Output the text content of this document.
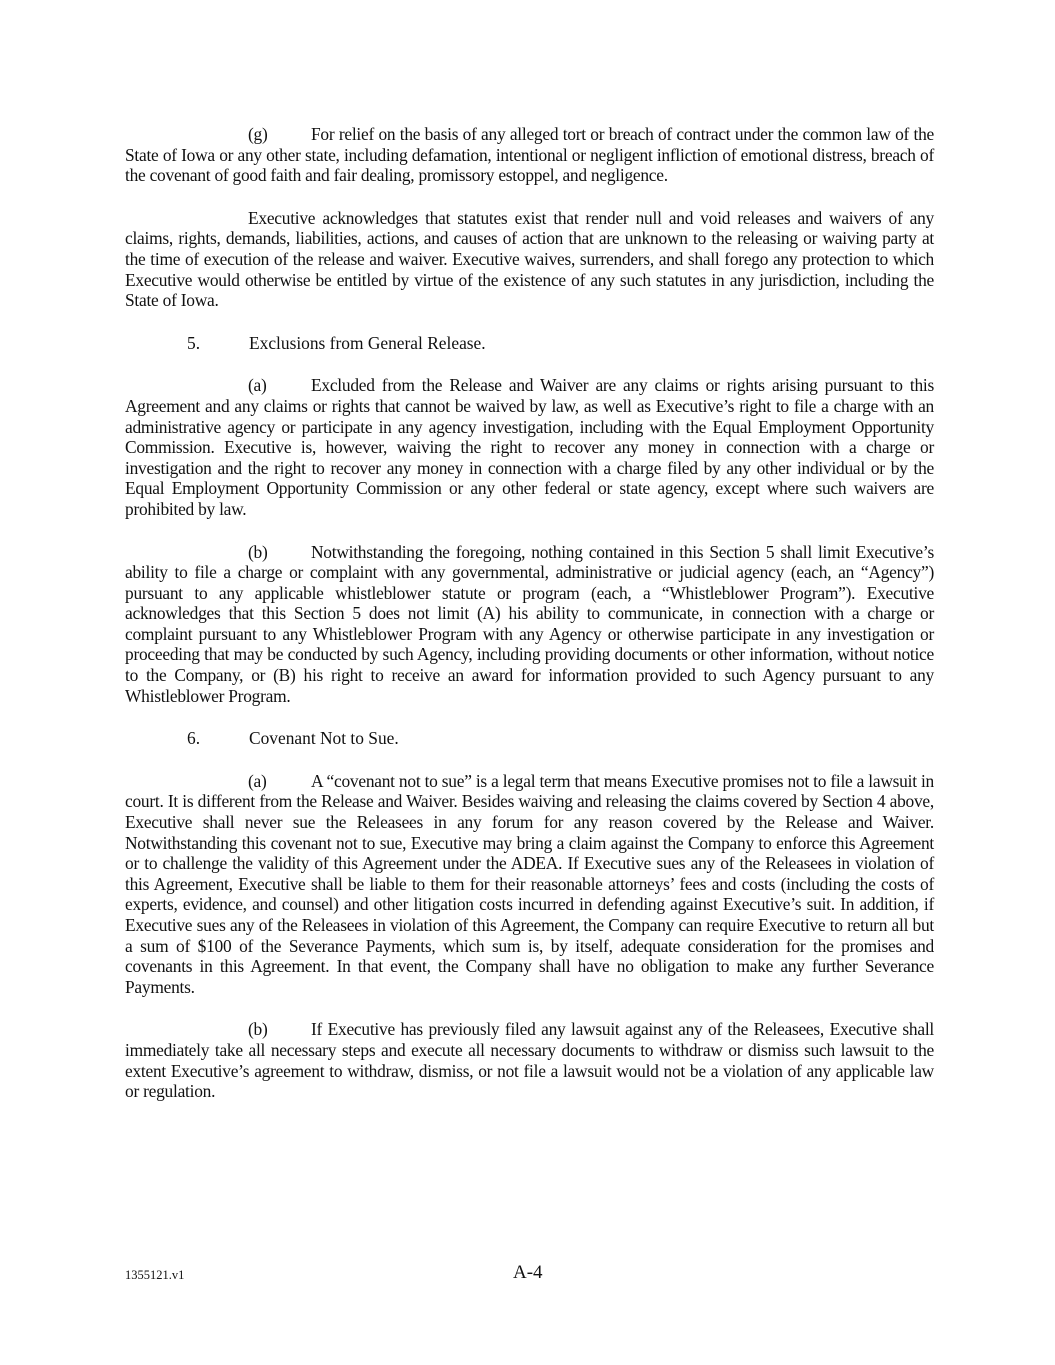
(g) For relief on the basis of any alleged tort or breach of contract under the common law of the State of Iowa or any other state, including defamation, intentional or negligent infliction of emotional distress, breach of the covenant of good faith and fair dealing, promissory estoppel, and negligence.

Executive acknowledges that statutes exist that render null and void releases and waivers of any claims, rights, demands, liabilities, actions, and causes of action that are unknown to the releasing or waiving party at the time of execution of the release and waiver. Executive waives, surrenders, and shall forego any protection to which Executive would otherwise be entitled by virtue of the existence of any such statutes in any jurisdiction, including the State of Iowa.

5.	Exclusions from General Release.

(a)	Excluded from the Release and Waiver are any claims or rights arising pursuant to this Agreement and any claims or rights that cannot be waived by law, as well as Executive’s right to file a charge with an administrative agency or participate in any agency investigation, including with the Equal Employment Opportunity Commission. Executive is, however, waiving the right to recover any money in connection with a charge or investigation and the right to recover any money in connection with a charge filed by any other individual or by the Equal Employment Opportunity Commission or any other federal or state agency, except where such waivers are prohibited by law.

(b) Notwithstanding the foregoing, nothing contained in this Section 5 shall limit Executive’s ability to file a charge or complaint with any governmental, administrative or judicial agency (each, an “Agency”) pursuant to any applicable whistleblower statute or program (each, a “Whistleblower Program”). Executive acknowledges that this Section 5 does not limit (A) his ability to communicate, in connection with a charge or complaint pursuant to any Whistleblower Program with any Agency or otherwise participate in any investigation or proceeding that may be conducted by such Agency, including providing documents or other information, without notice to the Company, or (B) his right to receive an award for information provided to such Agency pursuant to any Whistleblower Program.

6.	Covenant Not to Sue.

(a)	A “covenant not to sue” is a legal term that means Executive promises not to file a lawsuit in court. It is different from the Release and Waiver. Besides waiving and releasing the claims covered by Section 4 above, Executive shall never sue the Releasees in any forum for any reason covered by the Release and Waiver. Notwithstanding this covenant not to sue, Executive may bring a claim against the Company to enforce this Agreement or to challenge the validity of this Agreement under the ADEA. If Executive sues any of the Releasees in violation of this Agreement, Executive shall be liable to them for their reasonable attorneys’ fees and costs (including the costs of experts, evidence, and counsel) and other litigation costs incurred in defending against Executive’s suit. In addition, if Executive sues any of the Releasees in violation of this Agreement, the Company can require Executive to return all but a sum of $100 of the Severance Payments, which sum is, by itself, adequate consideration for the promises and covenants in this Agreement. In that event, the Company shall have no obligation to make any further Severance Payments.

(b) If Executive has previously filed any lawsuit against any of the Releasees, Executive shall immediately take all necessary steps and execute all necessary documents to withdraw or dismiss such lawsuit to the extent Executive’s agreement to withdraw, dismiss, or not file a lawsuit would not be a violation of any applicable law or regulation.

1355121.v1	A-4
